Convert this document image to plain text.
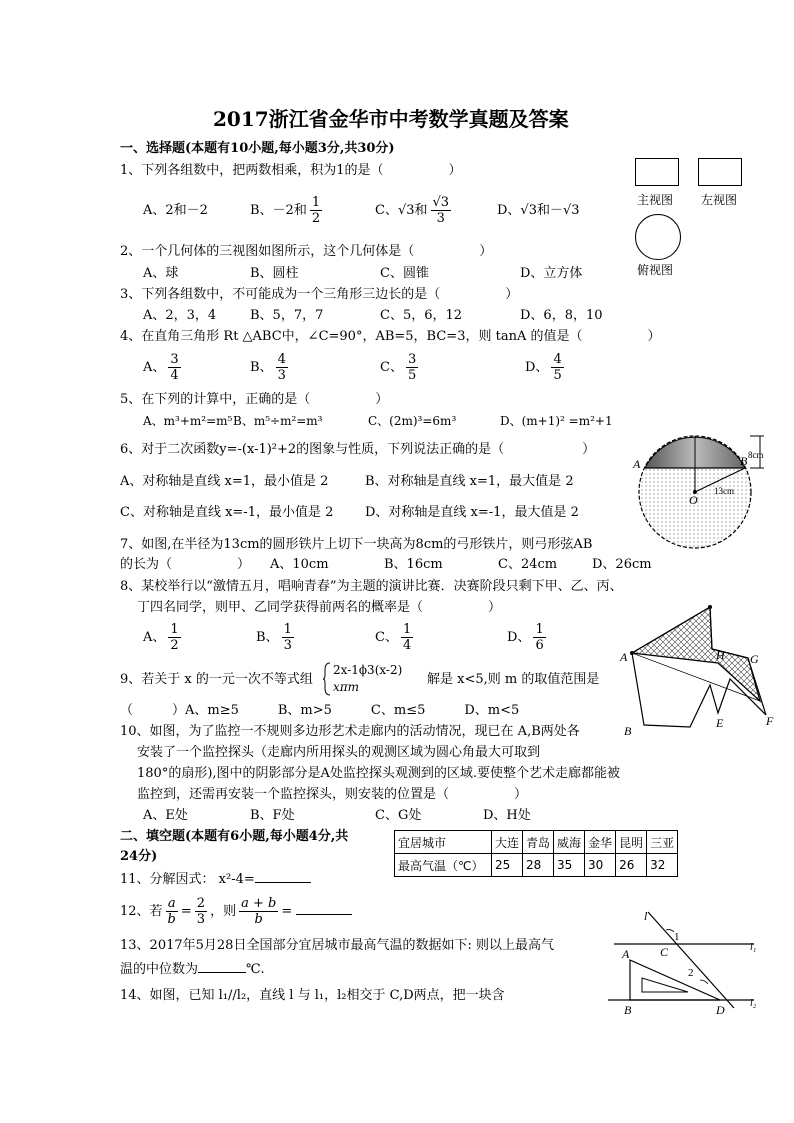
2017浙江省金华市中考数学真题及答案
一、选择题(本题有10小题,每小题3分,共30分)
1、下列各组数中，把两数相乘，积为1的是（　　　　　）
A、2和－2	B、－2和 $\frac{1}{2}$	C、√3和 $\frac{√3}{3}$	D、√3和－√3
主视图 左视图
俯视图
2、一个几何体的三视图如图所示，这个几何体是（　　　　　）
A、球	B、圆柱	C、圆锥	D、立方体
3、下列各组数中，不可能成为一个三角形三边长的是（　　　　　）
A、2，3，4	B、5，7，7	C、5，6，12	D、6，8，10
4、在直角三角形 Rt △ABC中，∠C=90°，AB=5，BC=3，则 tanA 的值是（　　　　　）
A、 $\frac{3}{4}$	B、 $\frac{4}{3}$	C、 $\frac{3}{5}$	D、 $\frac{4}{5}$
5、在下列的计算中，正确的是（　　　　　）
A、m³+m²=m⁵ B、m⁵÷m²=m³	C、(2m)³=6m³	D、(m+1)² =m²+1
6、对于二次函数y=-(x-1)²+2的图象与性质，下列说法正确的是（　　　　　　）
A、对称轴是直线 x=1，最小值是 2	B、对称轴是直线 x=1，最大值是 2
C、对称轴是直线 x=-1，最小值是 2 D、对称轴是直线 x=-1，最大值是 2
A	B
O
8cm
13cm
7、如图,在半径为13cm的圆形铁片上切下一块高为8cm的弓形铁片，则弓形弦AB
的长为（　　　　　） A、10cm	B、16cm	C、24cm	D、26cm
8、某校举行以“激情五月，唱响青春”为主题的演讲比赛．决赛阶段只剩下甲、乙、丙、
丁四名同学，则甲、乙同学获得前两名的概率是（　　　　　）
A、 $\frac{1}{2}$	B、 $\frac{1}{3}$	C、 $\frac{1}{4}$	D、 $\frac{1}{6}$
A
B
H G
E	F
9、若关于 x 的一元一次不等式组
2x-1ϕ3(x-2)
xπm	解是 x<5,则 m 的取值范围是
（　　　）A、m≥5　　　B、m>5　　　C、m≤5　　　D、m<5
10、如图，为了监控一不规则多边形艺术走廊内的活动情况，现已在 A,B两处各
安装了一个监控探头（走廊内所用探头的观测区域为圆心角最大可取到
180°的扇形),图中的阴影部分是A处监控探头观测到的区域.要使整个艺术走廊都能被
监控到，还需再安装一个监控探头，则安装的位置是（　　　　　）
A、E处	B、F处	C、G处	D、H处
二、填空题(本题有6小题,每小题4分,共
24分)
宜居城市	大连	青岛	威海	金华	昆明	三亚
最高气温（℃）	25	28	35	30	26	32
11、分解因式： x²-4=
12、若 $\frac{a}{b} = \frac{2}{3}$ ，则 $\frac{a + b}{b}$ =
13、2017年5月28日全国部分宜居城市最高气温的数据如下: 则以上最高气
温的中位数为	℃.
14、如图，已知 l₁//l₂，直线 l 与 l₁，l₂相交于 C,D两点，把一块含
l
1
2
A	C
B	D
l₁
l₂
